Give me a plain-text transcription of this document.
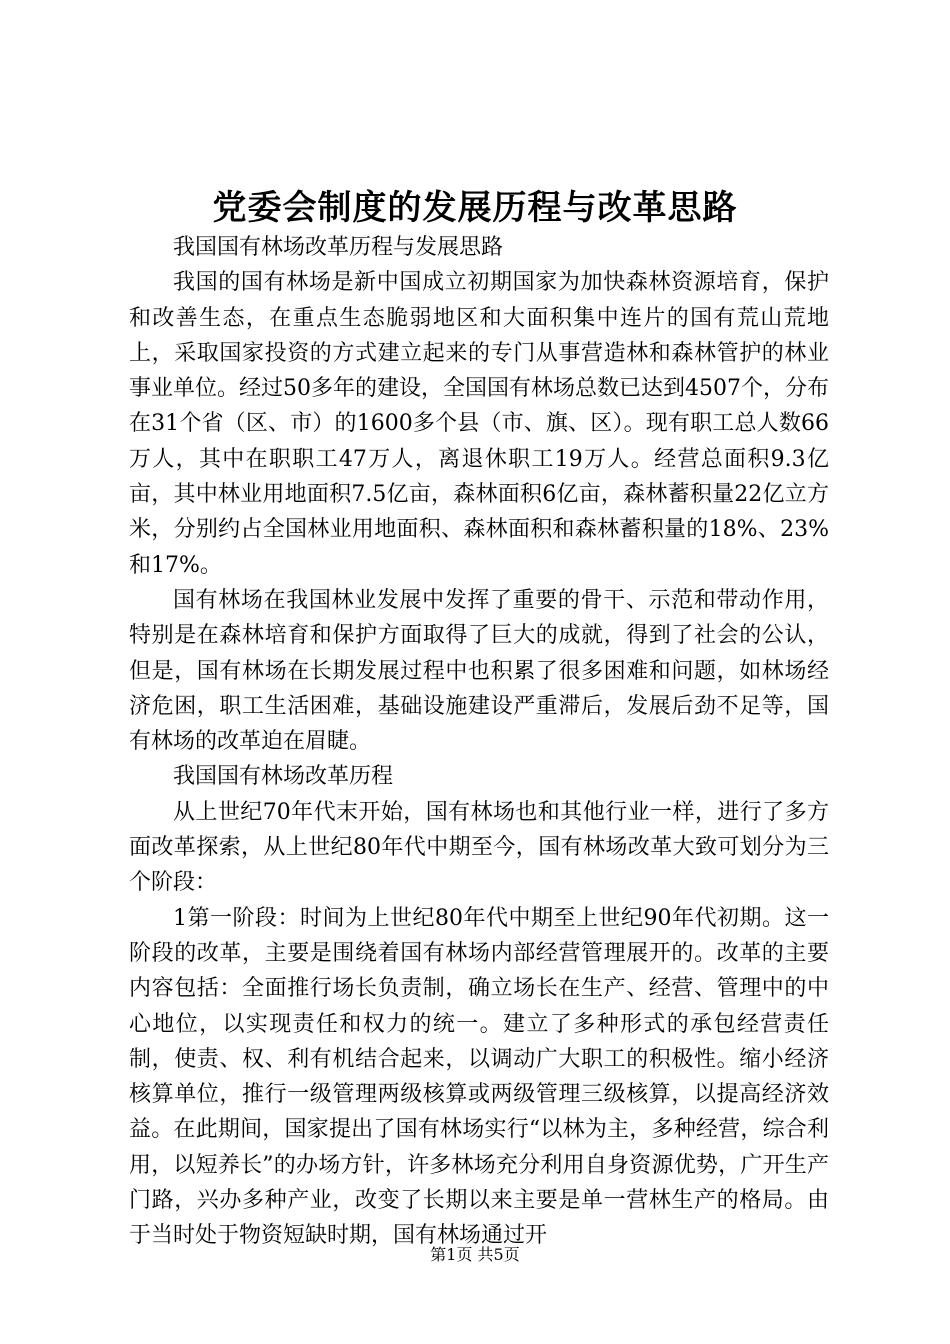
党委会制度的发展历程与改革思路

我国国有林场改革历程与发展思路

我国的国有林场是新中国成立初期国家为加快森林资源培育，保护和改善生态，在重点生态脆弱地区和大面积集中连片的国有荒山荒地上，采取国家投资的方式建立起来的专门从事营造林和森林管护的林业事业单位。经过50多年的建设，全国国有林场总数已达到4507个，分布在31个省（区、市）的1600多个县（市、旗、区）。现有职工总人数66万人，其中在职职工47万人，离退休职工19万人。经营总面积9.3亿亩，其中林业用地面积7.5亿亩，森林面积6亿亩，森林蓄积量22亿立方米，分别约占全国林业用地面积、森林面积和森林蓄积量的18%、23%和17%。

国有林场在我国林业发展中发挥了重要的骨干、示范和带动作用，特别是在森林培育和保护方面取得了巨大的成就，得到了社会的公认，但是，国有林场在长期发展过程中也积累了很多困难和问题，如林场经济危困，职工生活困难，基础设施建设严重滞后，发展后劲不足等，国有林场的改革迫在眉睫。

我国国有林场改革历程

从上世纪70年代末开始，国有林场也和其他行业一样，进行了多方面改革探索，从上世纪80年代中期至今，国有林场改革大致可划分为三个阶段：

1第一阶段：时间为上世纪80年代中期至上世纪90年代初期。这一阶段的改革，主要是围绕着国有林场内部经营管理展开的。改革的主要内容包括：全面推行场长负责制，确立场长在生产、经营、管理中的中心地位，以实现责任和权力的统一。建立了多种形式的承包经营责任制，使责、权、利有机结合起来，以调动广大职工的积极性。缩小经济核算单位，推行一级管理两级核算或两级管理三级核算，以提高经济效益。在此期间，国家提出了国有林场实行“以林为主，多种经营，综合利用，以短养长”的办场方针，许多林场充分利用自身资源优势，广开生产门路，兴办多种产业，改变了长期以来主要是单一营林生产的格局。由于当时处于物资短缺时期，国有林场通过开

第1页 共5页
